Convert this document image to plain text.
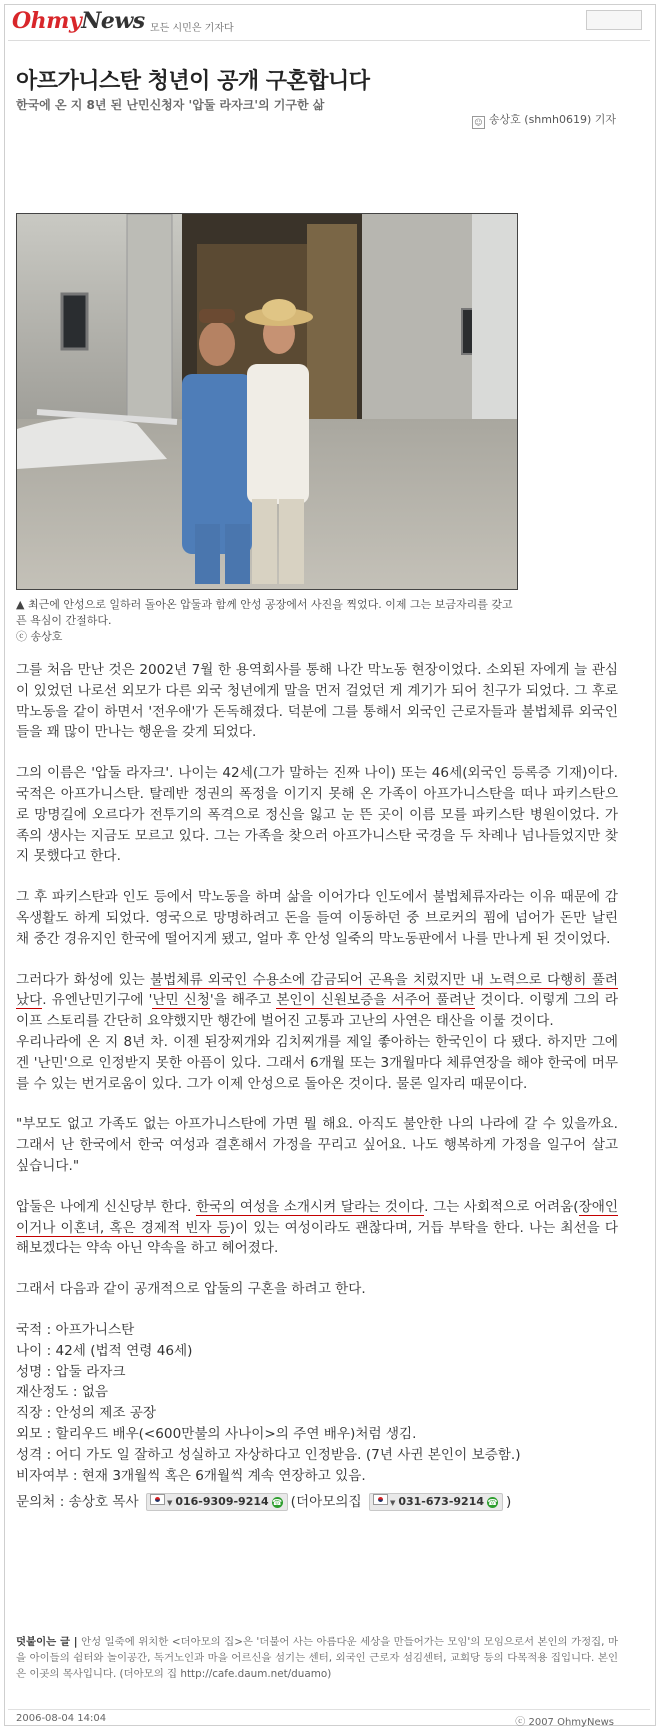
OhmyNews 모든 시민은 기자다
아프가니스탄 청년이 공개 구혼합니다
한국에 온 지 8년 된 난민신청자 '압둘 라자크'의 기구한 삶
☺ 송상호 (shmh0619) 기자
▲ 최근에 안성으로 일하러 돌아온 압둘과 함께 안성 공장에서 사진을 찍었다. 이제 그는 보금자리를 갖고 픈 욕심이 간절하다.
ⓒ 송상호

그를 처음 만난 것은 2002년 7월 한 용역회사를 통해 나간 막노동 현장이었다. 소외된 자에게 늘 관심이 있었던 나로선 외모가 다른 외국 청년에게 말을 먼저 걸었던 게 계기가 되어 친구가 되었다. 그 후로 막노동을 같이 하면서 '전우애'가 돈독해졌다. 덕분에 그를 통해서 외국인 근로자들과 불법체류 외국인들을 꽤 많이 만나는 행운을 갖게 되었다.

그의 이름은 '압둘 라자크'. 나이는 42세(그가 말하는 진짜 나이) 또는 46세(외국인 등록증 기재)이다. 국적은 아프가니스탄. 탈레반 정권의 폭정을 이기지 못해 온 가족이 아프가니스탄을 떠나 파키스탄으로 망명길에 오르다가 전투기의 폭격으로 정신을 잃고 눈 뜬 곳이 이름 모를 파키스탄 병원이었다. 가족의 생사는 지금도 모르고 있다. 그는 가족을 찾으러 아프가니스탄 국경을 두 차례나 넘나들었지만 찾지 못했다고 한다.

그 후 파키스탄과 인도 등에서 막노동을 하며 삶을 이어가다 인도에서 불법체류자라는 이유 때문에 감옥생활도 하게 되었다. 영국으로 망명하려고 돈을 들여 이동하던 중 브로커의 꾐에 넘어가 돈만 날린 채 중간 경유지인 한국에 떨어지게 됐고, 얼마 후 안성 일죽의 막노동판에서 나를 만나게 된 것이었다.

그러다가 화성에 있는 불법체류 외국인 수용소에 감금되어 곤욕을 치렀지만 내 노력으로 다행히 풀려났다. 유엔난민기구에 '난민 신청'을 해주고 본인이 신원보증을 서주어 풀려난 것이다. 이렇게 그의 라이프 스토리를 간단히 요약했지만 행간에 벌어진 고통과 고난의 사연은 태산을 이룰 것이다.

우리나라에 온 지 8년 차. 이젠 된장찌개와 김치찌개를 제일 좋아하는 한국인이 다 됐다. 하지만 그에겐 '난민'으로 인정받지 못한 아픔이 있다. 그래서 6개월 또는 3개월마다 체류연장을 해야 한국에 머무를 수 있는 번거로움이 있다. 그가 이제 안성으로 돌아온 것이다. 물론 일자리 때문이다.

"부모도 없고 가족도 없는 아프가니스탄에 가면 뭘 해요. 아직도 불안한 나의 나라에 갈 수 있을까요. 그래서 난 한국에서 한국 여성과 결혼해서 가정을 꾸리고 싶어요. 나도 행복하게 가정을 일구어 살고 싶습니다."

압둘은 나에게 신신당부 한다. 한국의 여성을 소개시켜 달라는 것이다. 그는 사회적으로 어려움(장애인이거나 이혼녀, 혹은 경제적 빈자 등)이 있는 여성이라도 괜찮다며, 거듭 부탁을 한다. 나는 최선을 다해보겠다는 약속 아닌 약속을 하고 헤어졌다.

그래서 다음과 같이 공개적으로 압둘의 구혼을 하려고 한다.

국적 : 아프가니스탄
나이 : 42세 (법적 연령 46세)
성명 : 압둘 라자크
재산정도 : 없음
직장 : 안성의 제조 공장
외모 : 할리우드 배우(<600만불의 사나이>의 주연 배우)처럼 생김.
성격 : 어디 가도 일 잘하고 성실하고 자상하다고 인정받음. (7년 사귄 본인이 보증함.)
비자여부 : 현재 3개월씩 혹은 6개월씩 계속 연장하고 있음.
문의처 : 송상호 목사	▼ 016-9309-9214 ☎ (더아모의집	▼ 031-673-9214 ☎ )
덧붙이는 글 | 안성 일죽에 위치한 <더아모의 집>은 '더불어 사는 아름다운 세상을 만들어가는 모임'의 모임으로서 본인의 가정집, 마을 아이들의 쉼터와 놀이공간, 독거노인과 마을 어르신을 섬기는 센터, 외국인 근로자 섬김센터, 교회당 등의 다목적용 집입니다. 본인은 이곳의 목사입니다. (더아모의 집 http://cafe.daum.net/duamo)
2006-08-04 14:04	ⓒ 2007 OhmyNews
